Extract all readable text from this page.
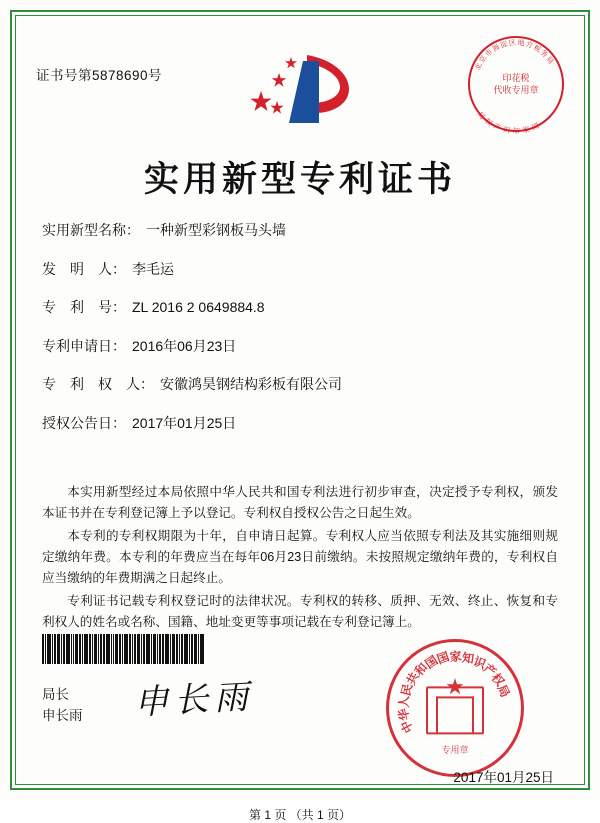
证书号第5878690号
北
京
市
海
淀 区 地 方
税
务
局
国
家
知
识
产
权
局
印花税
代收专用章
实用新型专利证书
实用新型名称： 一种新型彩钢板马头墙
发　明　人： 李毛运
专　利　号： ZL 2016 2 0649884.8
专利申请日： 2016年06月23日
专　利　权　人： 安徽鸿昊钢结构彩板有限公司
授权公告日： 2017年01月25日

本实用新型经过本局依照中华人民共和国专利法进行初步审查，决定授予专利权，颁发本证书并在专利登记簿上予以登记。专利权自授权公告之日起生效。

本专利的专利权期限为十年，自申请日起算。专利权人应当依照专利法及其实施细则规定缴纳年费。本专利的年费应当在每年06月23日前缴纳。未按照规定缴纳年费的，专利权自应当缴纳的年费期满之日起终止。

专利证书记载专利权登记时的法律状况。专利权的转移、质押、无效、终止、恢复和专利权人的姓名或名称、国籍、地址变更等事项记载在专利登记簿上。

局长
申长雨 申长雨
中
华
人
民
共
和
国
国
家
知
识
产
权
局
★
专用章
2017年01月25日
第 1 页 （共 1 页）
